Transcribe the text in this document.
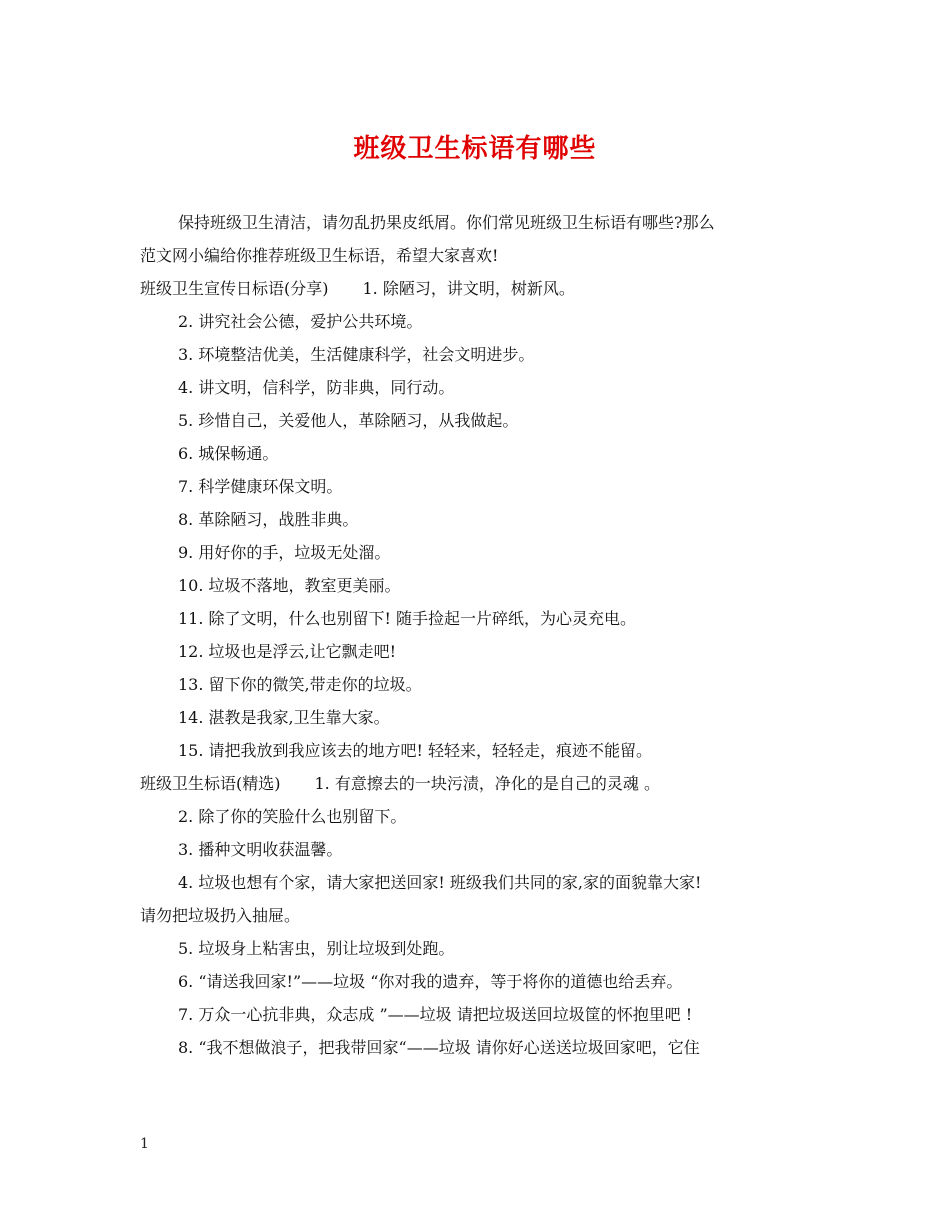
班级卫生标语有哪些

保持班级卫生清洁，请勿乱扔果皮纸屑。你们常见班级卫生标语有哪些?那么

范文网小编给你推荐班级卫生标语，希望大家喜欢!

班级卫生宣传日标语(分享) 1. 除陋习，讲文明，树新风。

2. 讲究社会公德，爱护公共环境。

3. 环境整洁优美，生活健康科学，社会文明进步。

4. 讲文明，信科学，防非典，同行动。

5. 珍惜自己，关爱他人，革除陋习，从我做起。

6. 城保畅通。

7. 科学健康环保文明。

8. 革除陋习，战胜非典。

9. 用好你的手，垃圾无处溜。

10. 垃圾不落地，教室更美丽。

11. 除了文明，什么也别留下! 随手捡起一片碎纸，为心灵充电。

12. 垃圾也是浮云,让它飘走吧!

13. 留下你的微笑,带走你的垃圾。

14. 湛教是我家,卫生靠大家。

15. 请把我放到我应该去的地方吧! 轻轻来，轻轻走，痕迹不能留。

班级卫生标语(精选) 1. 有意擦去的一块污渍，净化的是自己的灵魂 。

2. 除了你的笑脸什么也别留下。

3. 播种文明收获温馨。

4. 垃圾也想有个家，请大家把送回家! 班级我们共同的家,家的面貌靠大家!

请勿把垃圾扔入抽屉。

5. 垃圾身上粘害虫，别让垃圾到处跑。

6. “请送我回家!”——垃圾 “你对我的遗弃，等于将你的道德也给丢弃。

7. 万众一心抗非典，众志成 ”——垃圾 请把垃圾送回垃圾筐的怀抱里吧 !

8. “我不想做浪子，把我带回家“——垃圾 请你好心送送垃圾回家吧，它住

1
